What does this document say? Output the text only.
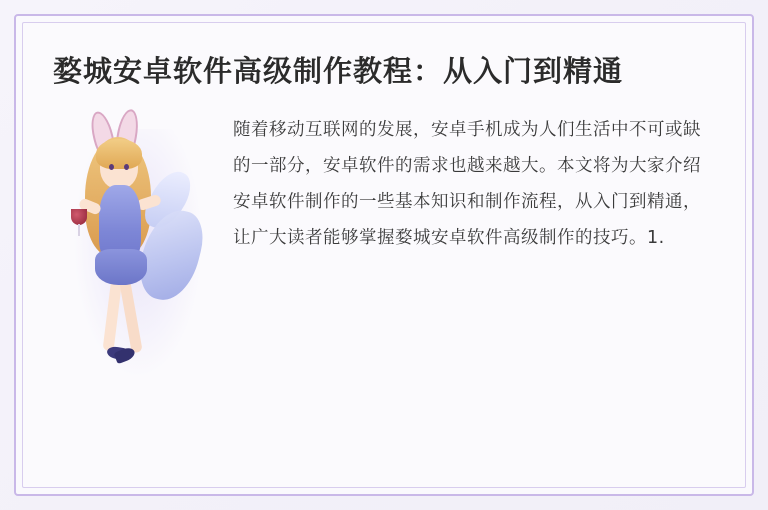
婺城安卓软件高级制作教程：从入门到精通
随着移动互联网的发展，安卓手机成为人们生活中不可或缺的一部分，安卓软件的需求也越来越大。本文将为大家介绍安卓软件制作的一些基本知识和制作流程，从入门到精通，让广大读者能够掌握婺城安卓软件高级制作的技巧。1.
